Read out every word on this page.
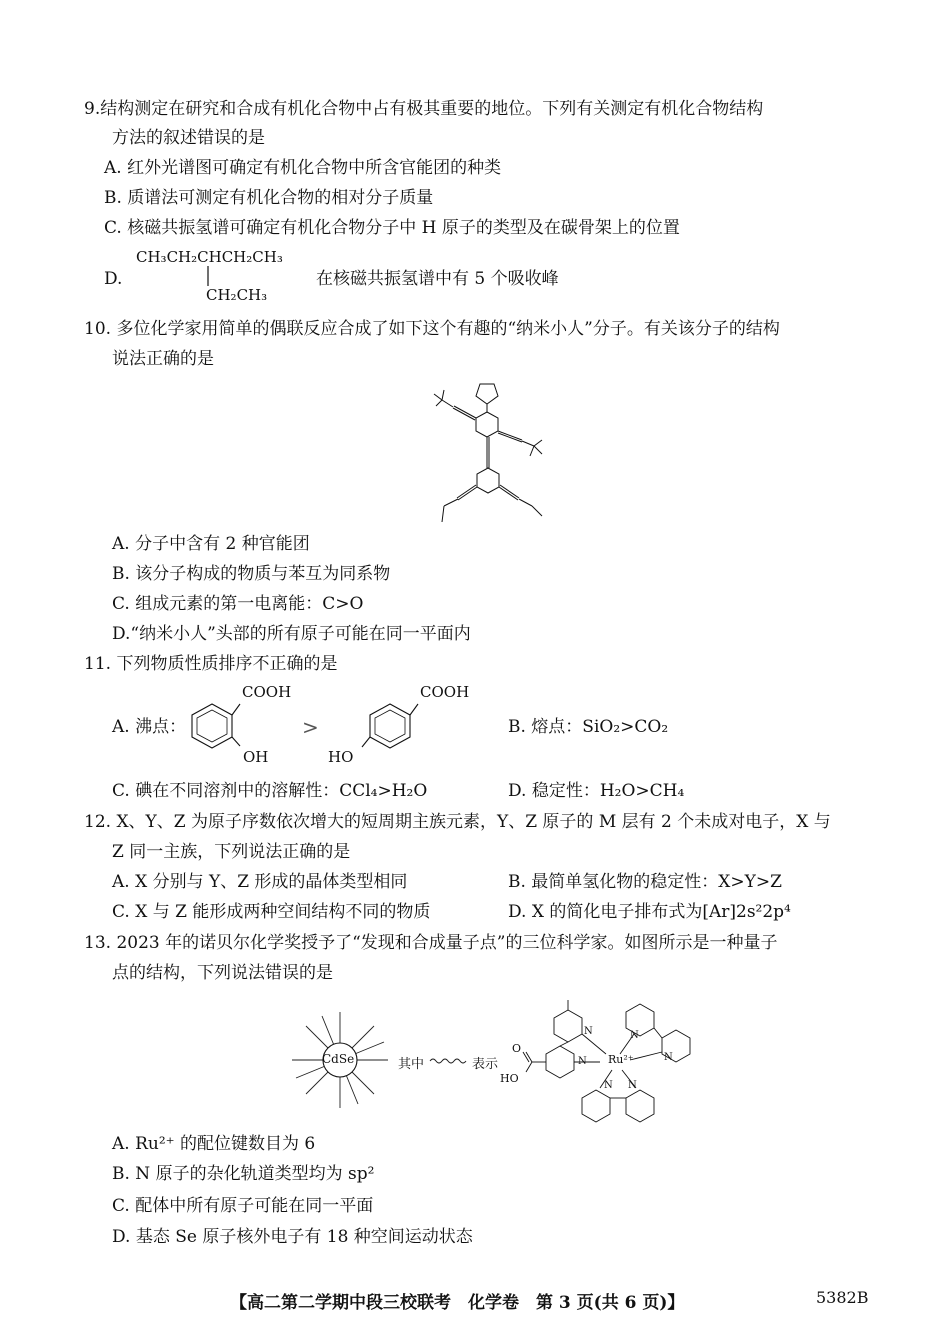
9.结构测定在研究和合成有机化合物中占有极其重要的地位。下列有关测定有机化合物结构
方法的叙述错误的是
A. 红外光谱图可确定有机化合物中所含官能团的种类
B. 质谱法可测定有机化合物的相对分子质量
C. 核磁共振氢谱可确定有机化合物分子中 H 原子的类型及在碳骨架上的位置
D.
CH₃CH₂CHCH₂CH₃
CH₂CH₃
在核磁共振氢谱中有 5 个吸收峰
10. 多位化学家用简单的偶联反应合成了如下这个有趣的“纳米小人”分子。有关该分子的结构
说法正确的是
A. 分子中含有 2 种官能团
B. 该分子构成的物质与苯互为同系物
C. 组成元素的第一电离能：C>O
D.“纳米小人”头部的所有原子可能在同一平面内
11. 下列物质性质排序不正确的是
A. 沸点：
COOH
OH
>
COOH
HO
B. 熔点：SiO₂>CO₂
C. 碘在不同溶剂中的溶解性：CCl₄>H₂O	D. 稳定性：H₂O>CH₄
12. X、Y、Z 为原子序数依次增大的短周期主族元素，Y、Z 原子的 M 层有 2 个未成对电子，X 与
Z 同一主族，下列说法正确的是
A. X 分别与 Y、Z 形成的晶体类型相同	B. 最简单氢化物的稳定性：X>Y>Z
C. X 与 Z 能形成两种空间结构不同的物质	D. X 的简化电子排布式为[Ar]2s²2p⁴
13. 2023 年的诺贝尔化学奖授予了“发现和合成量子点”的三位科学家。如图所示是一种量子
点的结构，下列说法错误的是
CdSe	其中	表示
O
HO
Ru²⁺
N
N
N
N
N N
A. Ru²⁺ 的配位键数目为 6
B. N 原子的杂化轨道类型均为 sp²
C. 配体中所有原子可能在同一平面
D. 基态 Se 原子核外电子有 18 种空间运动状态
【高二第二学期中段三校联考　化学卷　第 3 页(共 6 页)】	5382B
